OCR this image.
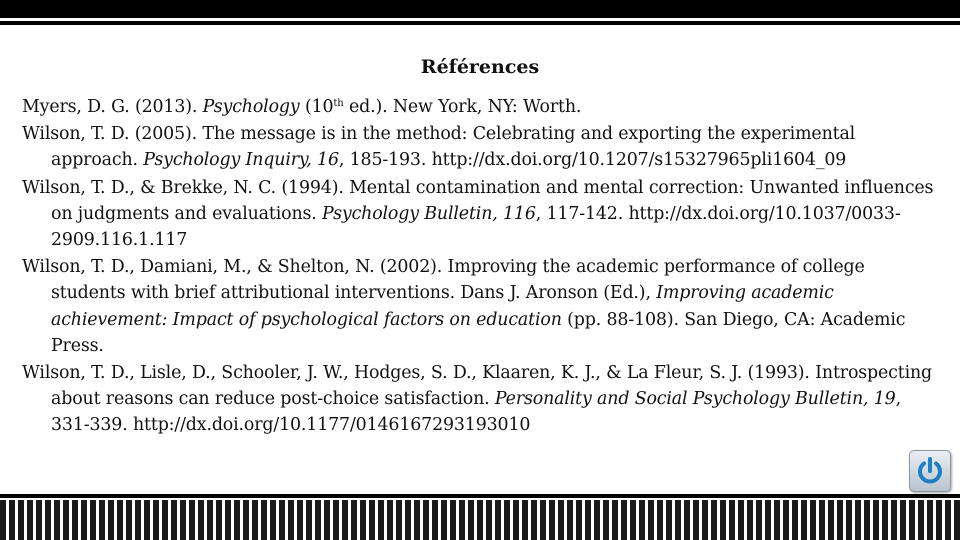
Références
Myers, D. G. (2013). Psychology (10th ed.). New York, NY: Worth.
Wilson, T. D. (2005). The message is in the method: Celebrating and exporting the experimental approach. Psychology Inquiry, 16, 185-193. http://dx.doi.org/10.1207/s15327965pli1604_09
Wilson, T. D., & Brekke, N. C. (1994). Mental contamination and mental correction: Unwanted influences on judgments and evaluations. Psychology Bulletin, 116, 117-142. http://dx.doi.org/10.1037/0033-2909.116.1.117
Wilson, T. D., Damiani, M., & Shelton, N. (2002). Improving the academic performance of college students with brief attributional interventions. Dans J. Aronson (Ed.), Improving academic achievement: Impact of psychological factors on education (pp. 88-108). San Diego, CA: Academic Press.
Wilson, T. D., Lisle, D., Schooler, J. W., Hodges, S. D., Klaaren, K. J., & La Fleur, S. J. (1993). Introspecting about reasons can reduce post-choice satisfaction. Personality and Social Psychology Bulletin, 19, 331-339. http://dx.doi.org/10.1177/0146167293193010
